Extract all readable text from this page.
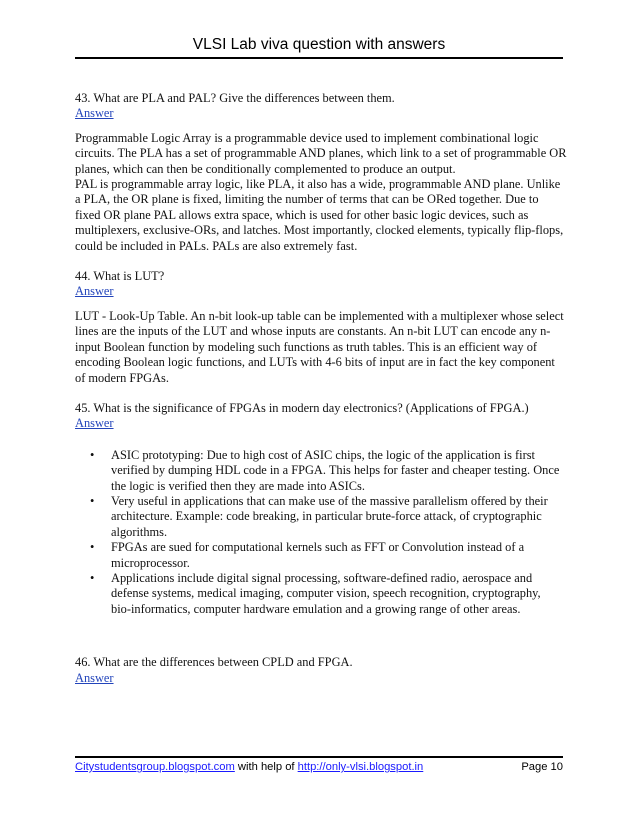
VLSI Lab viva question with answers

43. What are PLA and PAL? Give the differences between them.

Answer

Programmable Logic Array is a programmable device used to implement combinational logic circuits. The PLA has a set of programmable AND planes, which link to a set of programmable OR planes, which can then be conditionally complemented to produce an output.

PAL is programmable array logic, like PLA, it also has a wide, programmable AND plane. Unlike a PLA, the OR plane is fixed, limiting the number of terms that can be ORed together. Due to fixed OR plane PAL allows extra space, which is used for other basic logic devices, such as multiplexers, exclusive-ORs, and latches. Most importantly, clocked elements, typically flip-flops, could be included in PALs. PALs are also extremely fast.

44. What is LUT?

Answer

LUT - Look-Up Table. An n-bit look-up table can be implemented with a multiplexer whose select lines are the inputs of the LUT and whose inputs are constants. An n-bit LUT can encode any n-input Boolean function by modeling such functions as truth tables. This is an efficient way of encoding Boolean logic functions, and LUTs with 4-6 bits of input are in fact the key component of modern FPGAs.

45. What is the significance of FPGAs in modern day electronics? (Applications of FPGA.)

Answer
• ASIC prototyping: Due to high cost of ASIC chips, the logic of the application is first verified by dumping HDL code in a FPGA. This helps for faster and cheaper testing. Once the logic is verified then they are made into ASICs.
• Very useful in applications that can make use of the massive parallelism offered by their architecture. Example: code breaking, in particular brute-force attack, of cryptographic algorithms.
• FPGAs are sued for computational kernels such as FFT or Convolution instead of a microprocessor.
• Applications include digital signal processing, software-defined radio, aerospace and defense systems, medical imaging, computer vision, speech recognition, cryptography, bio-informatics, computer hardware emulation and a growing range of other areas.

46. What are the differences between CPLD and FPGA.

Answer
Citystudentsgroup.blogspot.com with help of http://only-vlsi.blogspot.in	Page 10
